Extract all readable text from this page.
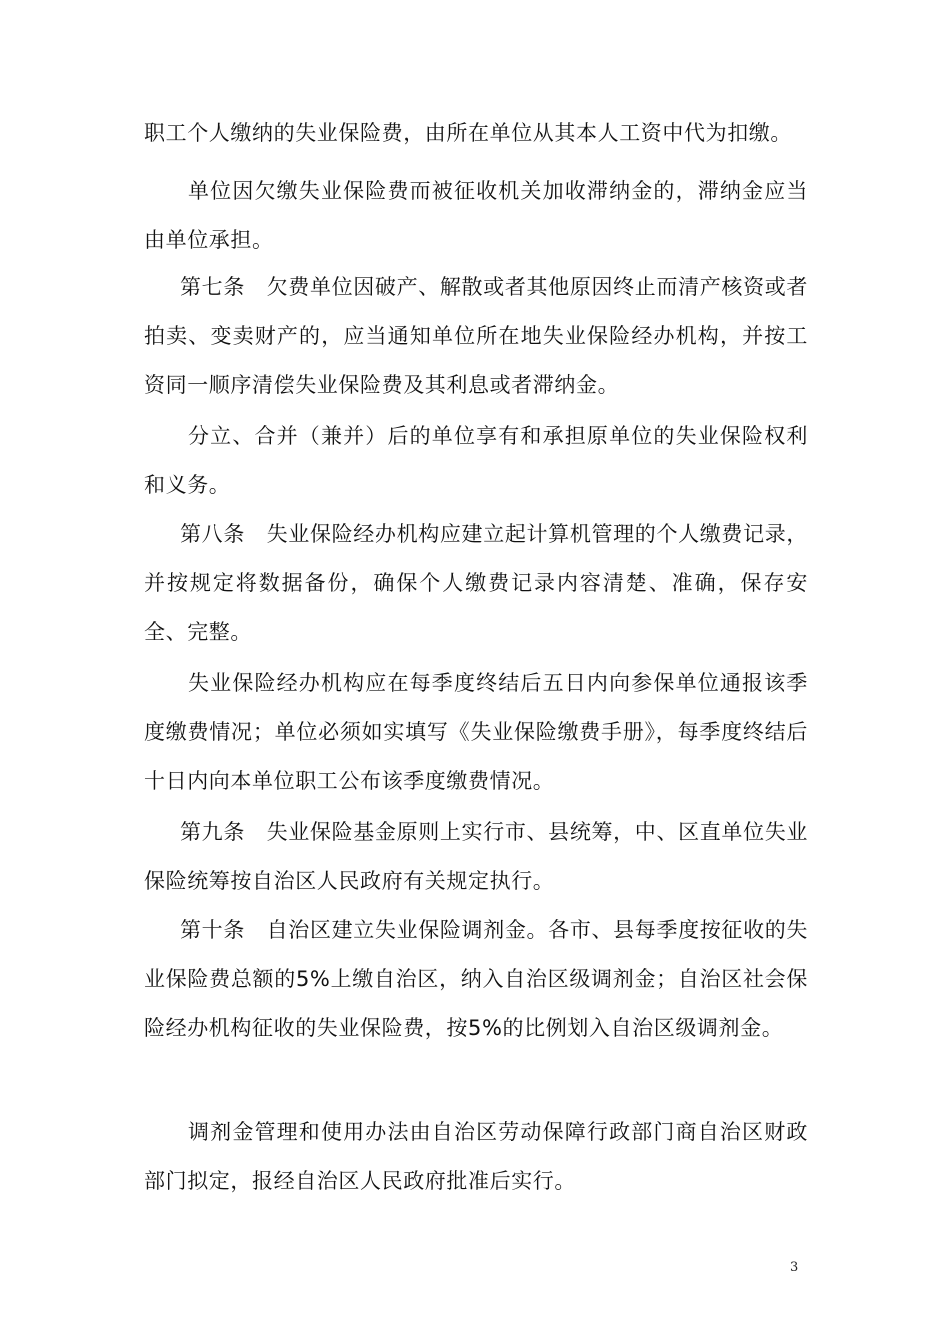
职工个人缴纳的失业保险费，由所在单位从其本人工资中代为扣缴。

单位因欠缴失业保险费而被征收机关加收滞纳金的，滞纳金应当由单位承担。

第七条　欠费单位因破产、解散或者其他原因终止而清产核资或者拍卖、变卖财产的，应当通知单位所在地失业保险经办机构，并按工资同一顺序清偿失业保险费及其利息或者滞纳金。

分立、合并（兼并）后的单位享有和承担原单位的失业保险权利和义务。

第八条　失业保险经办机构应建立起计算机管理的个人缴费记录，并按规定将数据备份，确保个人缴费记录内容清楚、准确，保存安全、完整。

失业保险经办机构应在每季度终结后五日内向参保单位通报该季度缴费情况；单位必须如实填写《失业保险缴费手册》，每季度终结后十日内向本单位职工公布该季度缴费情况。

第九条　失业保险基金原则上实行市、县统筹，中、区直单位失业保险统筹按自治区人民政府有关规定执行。

第十条　自治区建立失业保险调剂金。各市、县每季度按征收的失业保险费总额的5%上缴自治区，纳入自治区级调剂金；自治区社会保险经办机构征收的失业保险费，按5%的比例划入自治区级调剂金。

调剂金管理和使用办法由自治区劳动保障行政部门商自治区财政部门拟定，报经自治区人民政府批准后实行。

3
